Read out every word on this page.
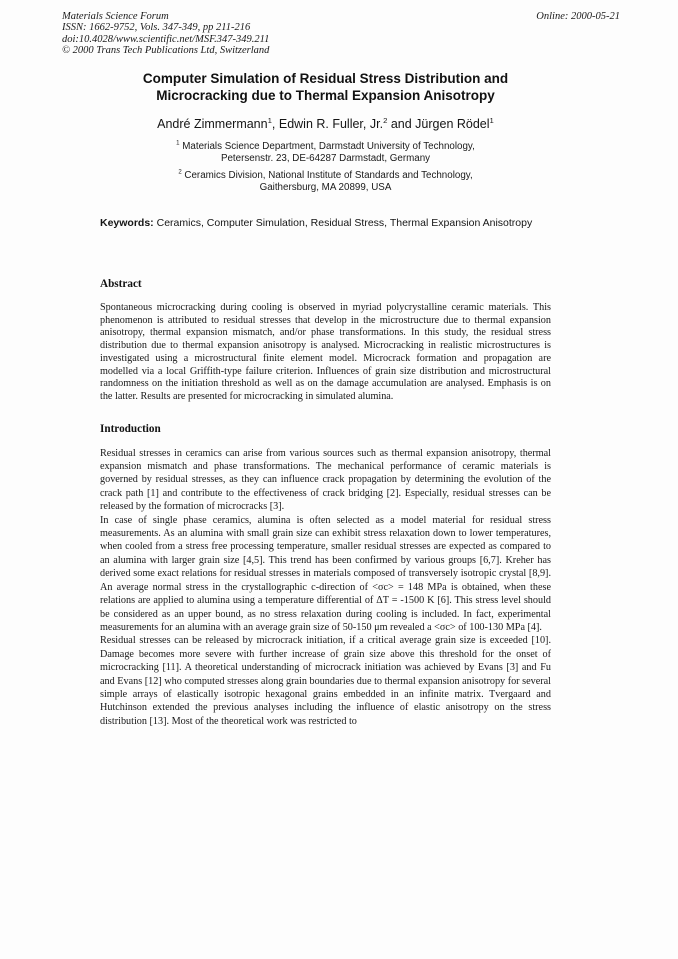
Materials Science Forum	Online: 2000-05-21
ISSN: 1662-9752, Vols. 347-349, pp 211-216
doi:10.4028/www.scientific.net/MSF.347-349.211
© 2000 Trans Tech Publications Ltd, Switzerland
Computer Simulation of Residual Stress Distribution and Microcracking due to Thermal Expansion Anisotropy
André Zimmermann$^1$, Edwin R. Fuller, Jr.$^2$ and Jürgen Rödel$^1$
$^1$ Materials Science Department, Darmstadt University of Technology, Petersenstr. 23, DE-64287 Darmstadt, Germany
$^2$ Ceramics Division, National Institute of Standards and Technology, Gaithersburg, MA 20899, USA
Keywords: Ceramics, Computer Simulation, Residual Stress, Thermal Expansion Anisotropy
Abstract

Spontaneous microcracking during cooling is observed in myriad polycrystalline ceramic materials. This phenomenon is attributed to residual stresses that develop in the microstructure due to thermal expansion anisotropy, thermal expansion mismatch, and/or phase transformations. In this study, the residual stress distribution due to thermal expansion anisotropy is analysed. Microcracking in realistic microstructures is investigated using a microstructural finite element model. Microcrack formation and propagation are modelled via a local Griffith-type failure criterion. Influences of grain size distribution and microstructural randomness on the initiation threshold as well as on the damage accumulation are analysed. Emphasis is on the latter. Results are presented for microcracking in simulated alumina.

Introduction

Residual stresses in ceramics can arise from various sources such as thermal expansion anisotropy, thermal expansion mismatch and phase transformations. The mechanical performance of ceramic materials is governed by residual stresses, as they can influence crack propagation by determining the evolution of the crack path [1] and contribute to the effectiveness of crack bridging [2]. Especially, residual stresses can be released by the formation of microcracks [3].

In case of single phase ceramics, alumina is often selected as a model material for residual stress measurements. As an alumina with small grain size can exhibit stress relaxation down to lower temperatures, when cooled from a stress free processing temperature, smaller residual stresses are expected as compared to an alumina with larger grain size [4,5]. This trend has been confirmed by various groups [6,7]. Kreher has derived some exact relations for residual stresses in materials composed of transversely isotropic crystal [8,9]. An average normal stress in the crystallographic c-direction of <σc> = 148 MPa is obtained, when these relations are applied to alumina using a temperature differential of ΔT = -1500 K [6]. This stress level should be considered as an upper bound, as no stress relaxation during cooling is included. In fact, experimental measurements for an alumina with an average grain size of 50-150 μm revealed a <σc> of 100-130 MPa [4].

Residual stresses can be released by microcrack initiation, if a critical average grain size is exceeded [10]. Damage becomes more severe with further increase of grain size above this threshold for the onset of microcracking [11]. A theoretical understanding of microcrack initiation was achieved by Evans [3] and Fu and Evans [12] who computed stresses along grain boundaries due to thermal expansion anisotropy for several simple arrays of elastically isotropic hexagonal grains embedded in an infinite matrix. Tvergaard and Hutchinson extended the previous analyses including the influence of elastic anisotropy on the stress distribution [13]. Most of the theoretical work was restricted to
